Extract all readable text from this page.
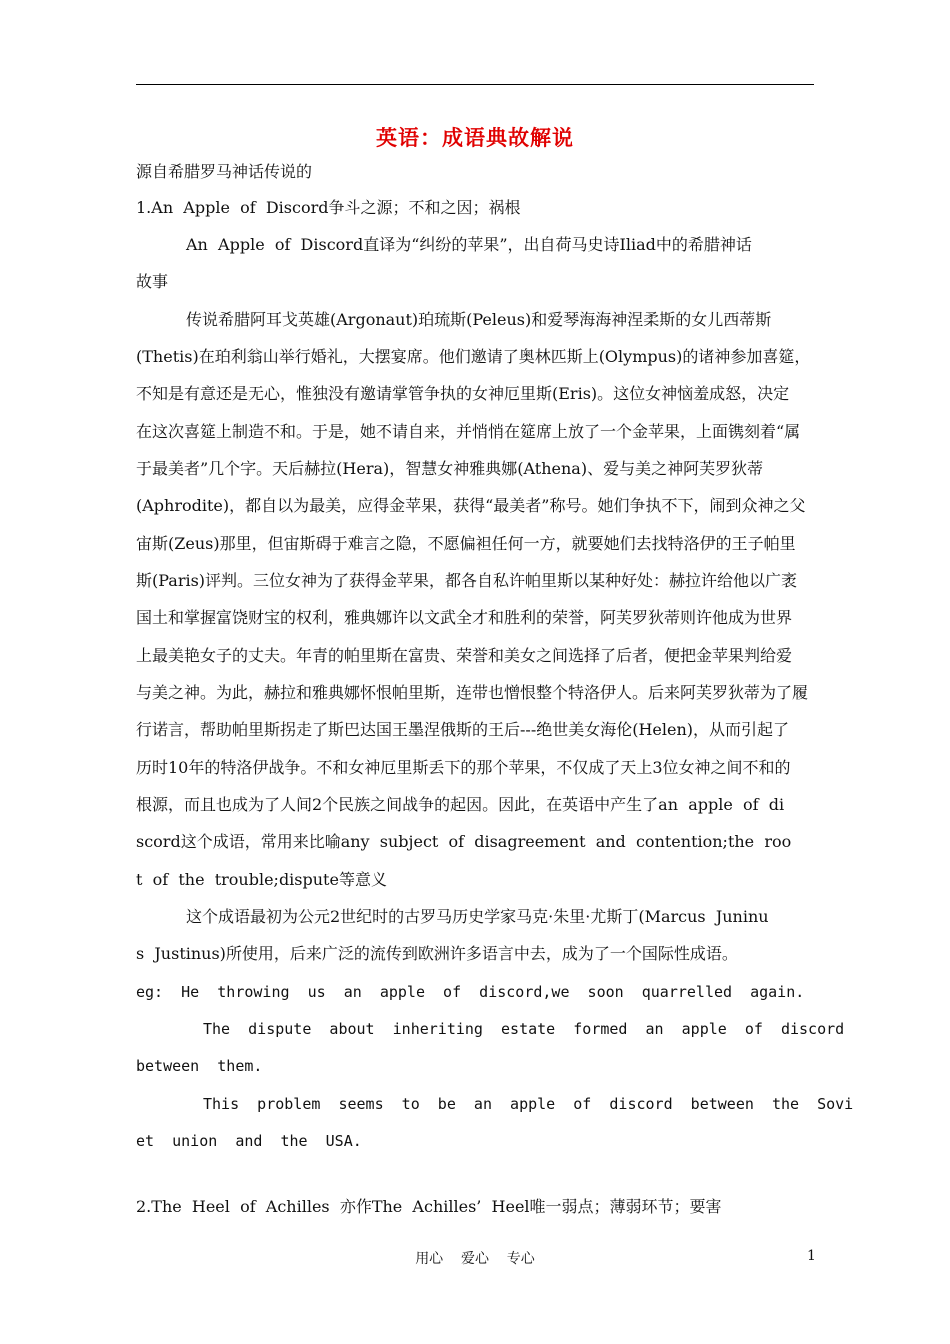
英语：成语典故解说
源自希腊罗马神话传说的
1.An  Apple  of  Discord争斗之源；不和之因；祸根
An  Apple  of  Discord直译为“纠纷的苹果”，出自荷马史诗Iliad中的希腊神话
故事
传说希腊阿耳戈英雄(Argonaut)珀琉斯(Peleus)和爱琴海海神涅柔斯的女儿西蒂斯
(Thetis)在珀利翁山举行婚礼，大摆宴席。他们邀请了奥林匹斯上(Olympus)的诸神参加喜筵，
不知是有意还是无心，惟独没有邀请掌管争执的女神厄里斯(Eris)。这位女神恼羞成怒，决定
在这次喜筵上制造不和。于是，她不请自来，并悄悄在筵席上放了一个金苹果，上面镌刻着“属
于最美者”几个字。天后赫拉(Hera)，智慧女神雅典娜(Athena)、爱与美之神阿芙罗狄蒂
(Aphrodite)，都自以为最美，应得金苹果，获得“最美者”称号。她们争执不下，闹到众神之父
宙斯(Zeus)那里，但宙斯碍于难言之隐，不愿偏袒任何一方，就要她们去找特洛伊的王子帕里
斯(Paris)评判。三位女神为了获得金苹果，都各自私许帕里斯以某种好处：赫拉许给他以广袤
国土和掌握富饶财宝的权利，雅典娜许以文武全才和胜利的荣誉，阿芙罗狄蒂则许他成为世界
上最美艳女子的丈夫。年青的帕里斯在富贵、荣誉和美女之间选择了后者，便把金苹果判给爱
与美之神。为此，赫拉和雅典娜怀恨帕里斯，连带也憎恨整个特洛伊人。后来阿芙罗狄蒂为了履
行诺言，帮助帕里斯拐走了斯巴达国王墨涅俄斯的王后---绝世美女海伦(Helen)，从而引起了
历时10年的特洛伊战争。不和女神厄里斯丢下的那个苹果，不仅成了天上3位女神之间不和的
根源，而且也成为了人间2个民族之间战争的起因。因此，在英语中产生了an  apple  of  di
scord这个成语，常用来比喻any  subject  of  disagreement  and  contention;the  roo
t  of  the  trouble;dispute等意义
这个成语最初为公元2世纪时的古罗马历史学家马克·朱里·尤斯丁(Marcus  Juninu
s  Justinus)所使用，后来广泛的流传到欧洲许多语言中去，成为了一个国际性成语。
eg:  He  throwing  us  an  apple  of  discord,we  soon  quarrelled  again.
The  dispute  about  inheriting  estate  formed  an  apple  of  discord
between  them.
This  problem  seems  to  be  an  apple  of  discord  between  the  Sovi
et  union  and  the  USA.
2.The  Heel  of  Achilles  亦作The  Achilles’  Heel唯一弱点；薄弱环节；要害
用心    爱心    专心	1
